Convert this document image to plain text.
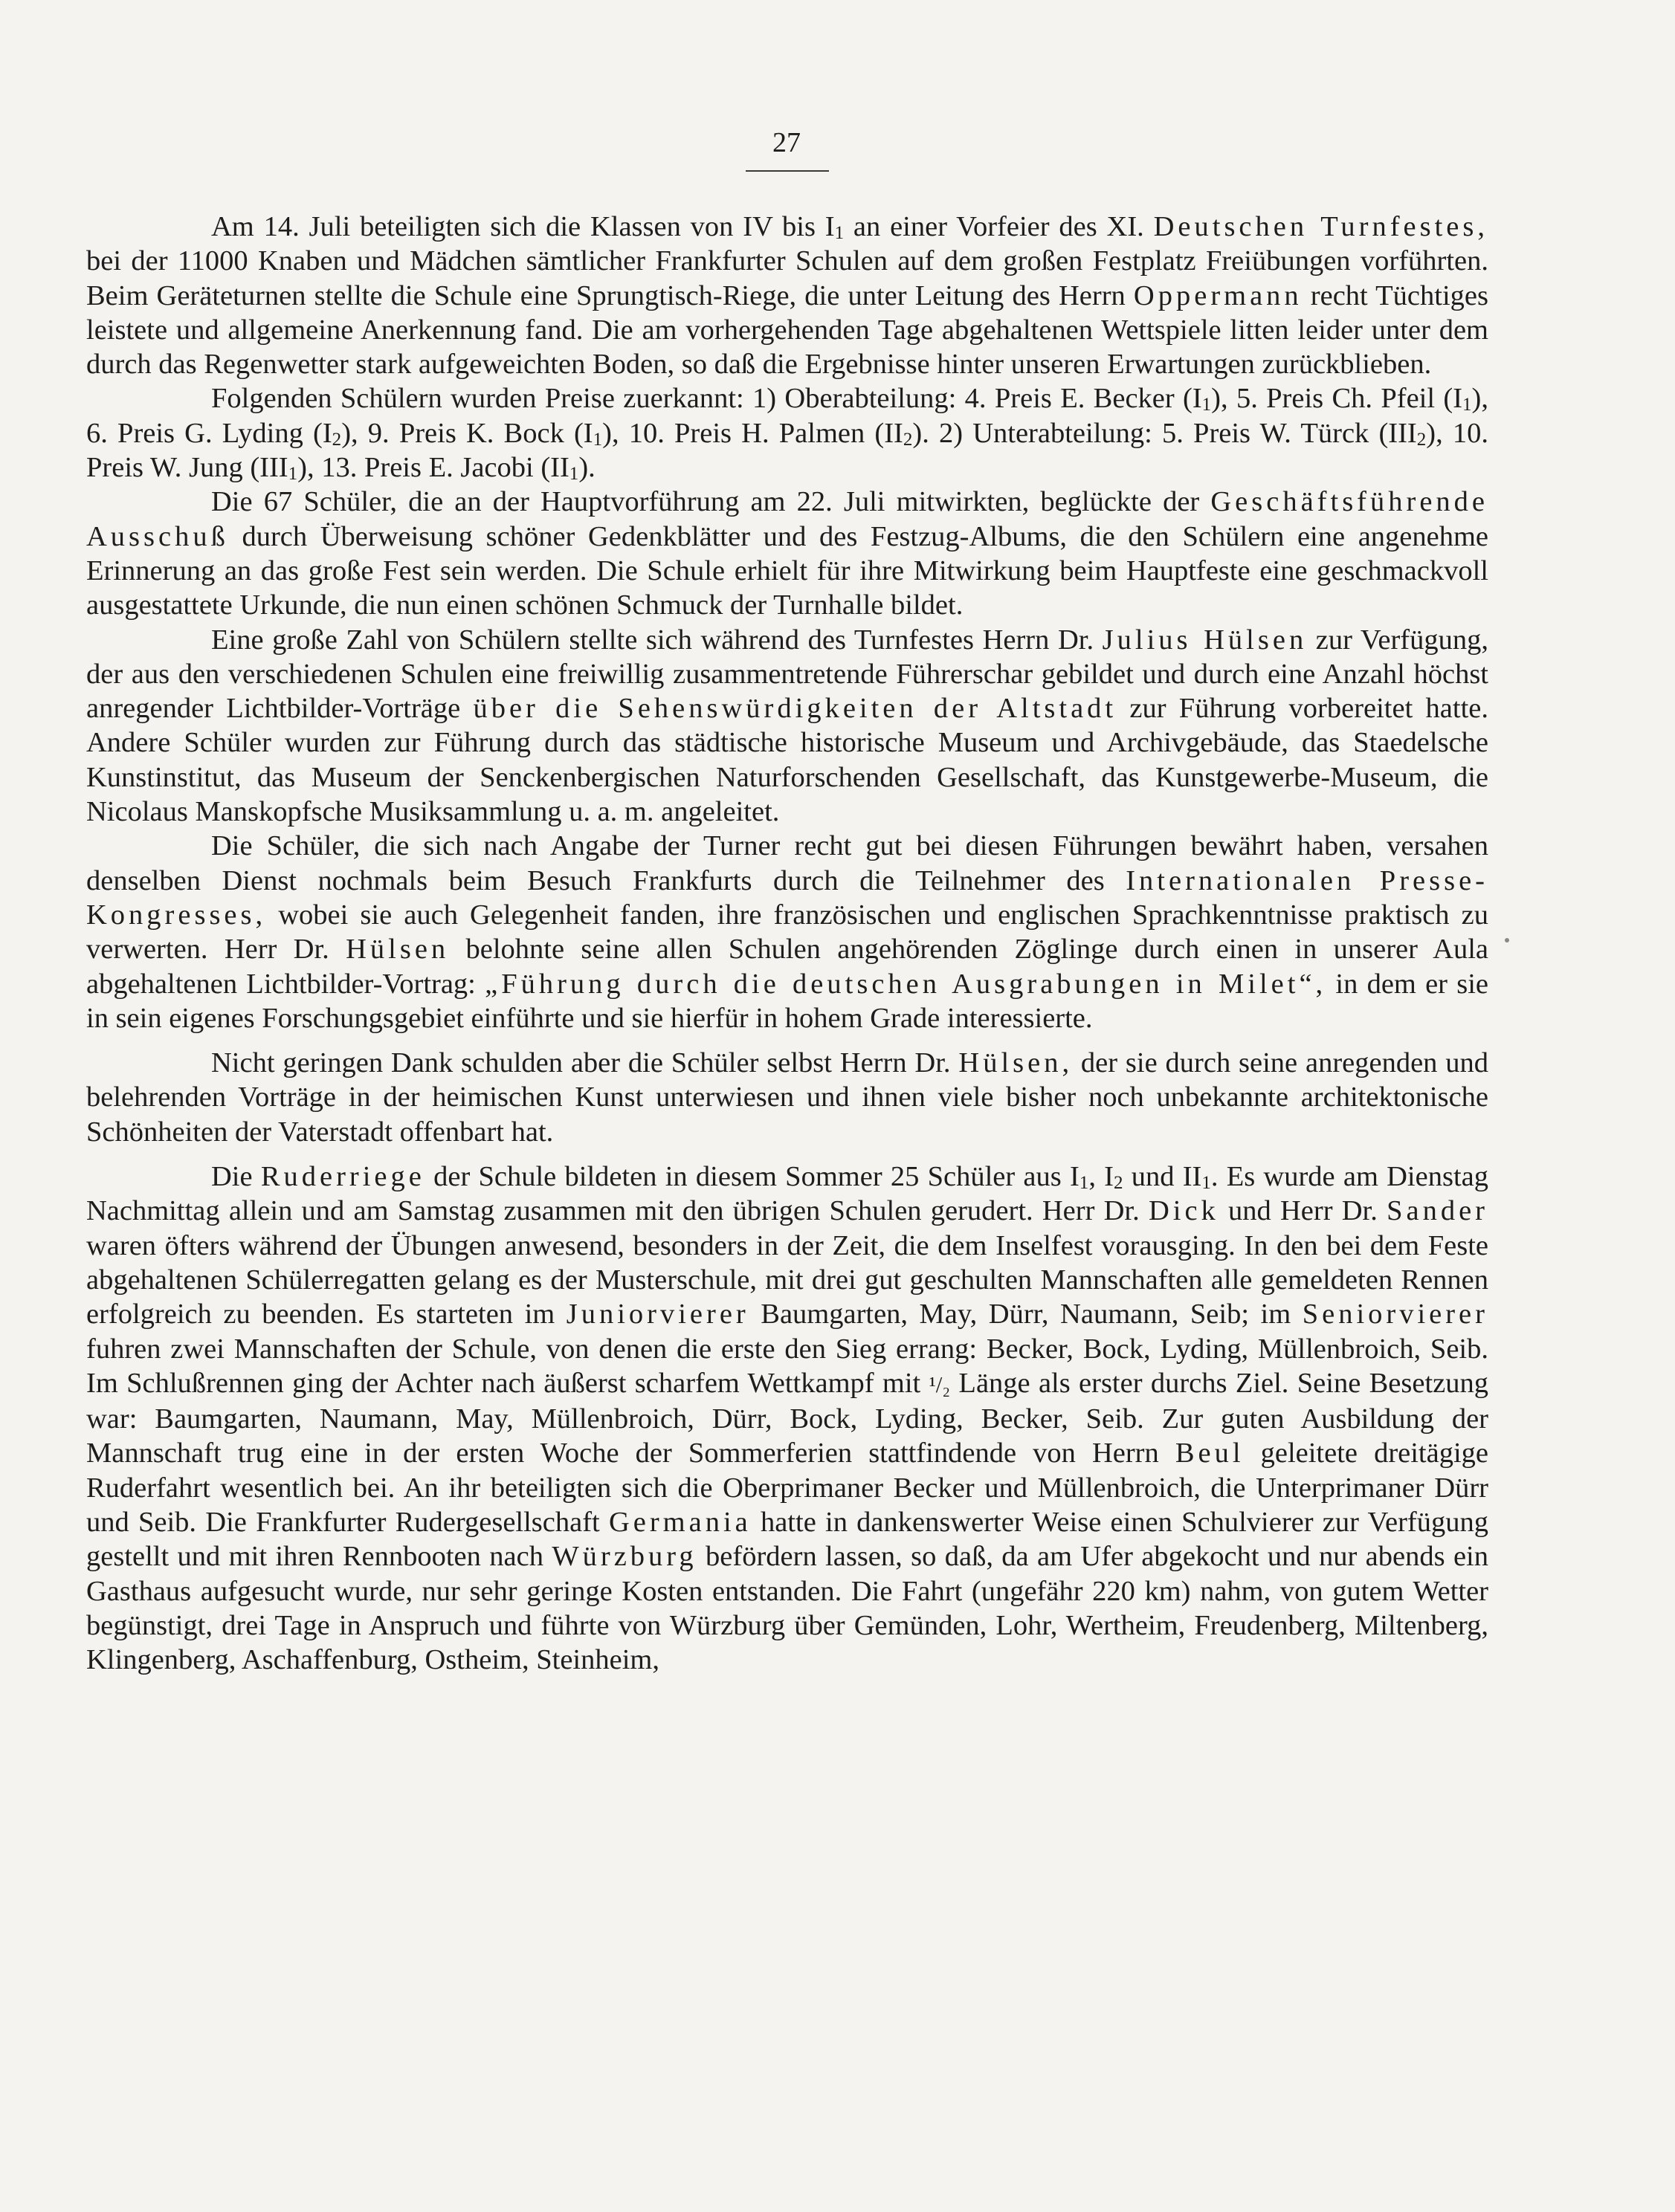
27

Am 14. Juli beteiligten sich die Klassen von IV bis $I_1$ an einer Vorfeier des XI. Deutschen Turnfestes, bei der 11000 Knaben und Mädchen sämtlicher Frankfurter Schulen auf dem großen Festplatz Freiübungen vorführten. Beim Geräteturnen stellte die Schule eine Sprungtisch-Riege, die unter Leitung des Herrn Oppermann recht Tüchtiges leistete und allgemeine Anerkennung fand. Die am vorhergehenden Tage abgehaltenen Wettspiele litten leider unter dem durch das Regenwetter stark aufgeweichten Boden, so daß die Ergebnisse hinter unseren Erwartungen zurückblieben.

Folgenden Schülern wurden Preise zuerkannt: 1) Oberabteilung: 4. Preis E. Becker $(I_1)$, 5. Preis Ch. Pfeil $(I_1)$, 6. Preis G. Lyding $(I_2)$, 9. Preis K. Bock $(I_1)$, 10. Preis H. Palmen $(II_2)$. 2) Unterabteilung: 5. Preis W. Türck $(III_2)$, 10. Preis W. Jung $(III_1)$, 13. Preis E. Jacobi $(II_1)$.

Die 67 Schüler, die an der Hauptvorführung am 22. Juli mitwirkten, beglückte der Geschäftsführende Ausschuß durch Überweisung schöner Gedenkblätter und des Festzug-Albums, die den Schülern eine angenehme Erinnerung an das große Fest sein werden. Die Schule erhielt für ihre Mitwirkung beim Hauptfeste eine geschmackvoll ausgestattete Urkunde, die nun einen schönen Schmuck der Turnhalle bildet.

Eine große Zahl von Schülern stellte sich während des Turnfestes Herrn Dr. Julius Hülsen zur Verfügung, der aus den verschiedenen Schulen eine freiwillig zusammentretende Führerschar gebildet und durch eine Anzahl höchst anregender Lichtbilder-Vorträge über die Sehenswürdigkeiten der Altstadt zur Führung vorbereitet hatte. Andere Schüler wurden zur Führung durch das städtische historische Museum und Archivgebäude, das Staedelsche Kunstinstitut, das Museum der Senckenbergischen Naturforschenden Gesellschaft, das Kunstgewerbe-Museum, die Nicolaus Manskopfsche Musiksammlung u. a. m. angeleitet.

Die Schüler, die sich nach Angabe der Turner recht gut bei diesen Führungen bewährt haben, versahen denselben Dienst nochmals beim Besuch Frankfurts durch die Teilnehmer des Internationalen Presse-Kongresses, wobei sie auch Gelegenheit fanden, ihre französischen und englischen Sprachkenntnisse praktisch zu verwerten. Herr Dr. Hülsen belohnte seine allen Schulen angehörenden Zöglinge durch einen in unserer Aula abgehaltenen Lichtbilder-Vortrag: „Führung durch die deutschen Ausgrabungen in Milet“, in dem er sie in sein eigenes Forschungsgebiet einführte und sie hierfür in hohem Grade interessierte.

Nicht geringen Dank schulden aber die Schüler selbst Herrn Dr. Hülsen, der sie durch seine anregenden und belehrenden Vorträge in der heimischen Kunst unterwiesen und ihnen viele bisher noch unbekannte architektonische Schönheiten der Vaterstadt offenbart hat.

Die Ruderriege der Schule bildeten in diesem Sommer 25 Schüler aus $I_1$, $I_2$ und $II_1$. Es wurde am Dienstag Nachmittag allein und am Samstag zusammen mit den übrigen Schulen gerudert. Herr Dr. Dick und Herr Dr. Sander waren öfters während der Übungen anwesend, besonders in der Zeit, die dem Inselfest vorausging. In den bei dem Feste abgehaltenen Schülerregatten gelang es der Musterschule, mit drei gut geschulten Mannschaften alle gemeldeten Rennen erfolgreich zu beenden. Es starteten im Juniorvierer Baumgarten, May, Dürr, Naumann, Seib; im Seniorvierer fuhren zwei Mannschaften der Schule, von denen die erste den Sieg errang: Becker, Bock, Lyding, Müllenbroich, Seib. Im Schlußrennen ging der Achter nach äußerst scharfem Wettkampf mit ¹/₂ Länge als erster durchs Ziel. Seine Besetzung war: Baumgarten, Naumann, May, Müllenbroich, Dürr, Bock, Lyding, Becker, Seib. Zur guten Ausbildung der Mannschaft trug eine in der ersten Woche der Sommerferien stattfindende von Herrn Beul geleitete dreitägige Ruderfahrt wesentlich bei. An ihr beteiligten sich die Oberprimaner Becker und Müllenbroich, die Unterprimaner Dürr und Seib. Die Frankfurter Rudergesellschaft Germania hatte in dankenswerter Weise einen Schulvierer zur Verfügung gestellt und mit ihren Rennbooten nach Würzburg befördern lassen, so daß, da am Ufer abgekocht und nur abends ein Gasthaus aufgesucht wurde, nur sehr geringe Kosten entstanden. Die Fahrt (ungefähr 220 km) nahm, von gutem Wetter begünstigt, drei Tage in Anspruch und führte von Würzburg über Gemünden, Lohr, Wertheim, Freudenberg, Miltenberg, Klingenberg, Aschaffenburg, Ostheim, Steinheim,
